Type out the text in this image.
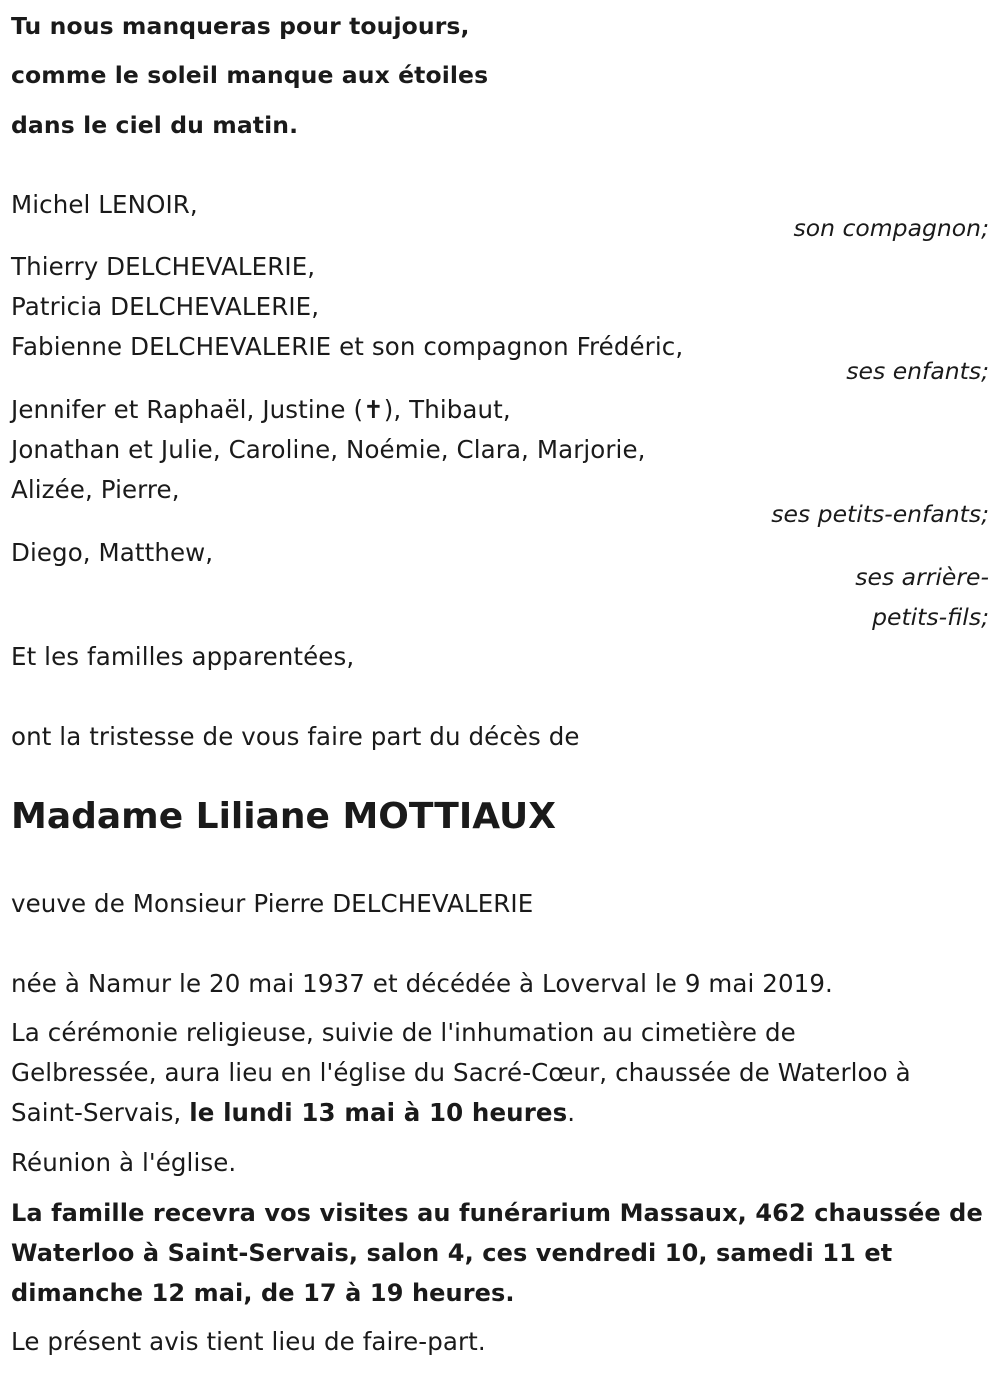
Tu nous manqueras pour toujours,
comme le soleil manque aux étoiles
dans le ciel du matin.
Michel LENOIR,
son compagnon;
Thierry DELCHEVALERIE,
Patricia DELCHEVALERIE,
Fabienne DELCHEVALERIE et son compagnon Frédéric,
ses enfants;
Jennifer et Raphaël, Justine (✝), Thibaut,
Jonathan et Julie, Caroline, Noémie, Clara, Marjorie,
Alizée, Pierre,
ses petits-enfants;
Diego, Matthew,
ses arrière-
petits-fils;
Et les familles apparentées,
ont la tristesse de vous faire part du décès de
Madame Liliane MOTTIAUX
veuve de Monsieur Pierre DELCHEVALERIE
née à Namur le 20 mai 1937 et décédée à Loverval le 9 mai 2019.
La cérémonie religieuse, suivie de l'inhumation au cimetière de
Gelbressée, aura lieu en l'église du Sacré-Cœur, chaussée de Waterloo à
Saint-Servais, le lundi 13 mai à 10 heures.
Réunion à l'église.
La famille recevra vos visites au funérarium Massaux, 462 chaussée de
Waterloo à Saint-Servais, salon 4, ces vendredi 10, samedi 11 et
dimanche 12 mai, de 17 à 19 heures.
Le présent avis tient lieu de faire-part.
